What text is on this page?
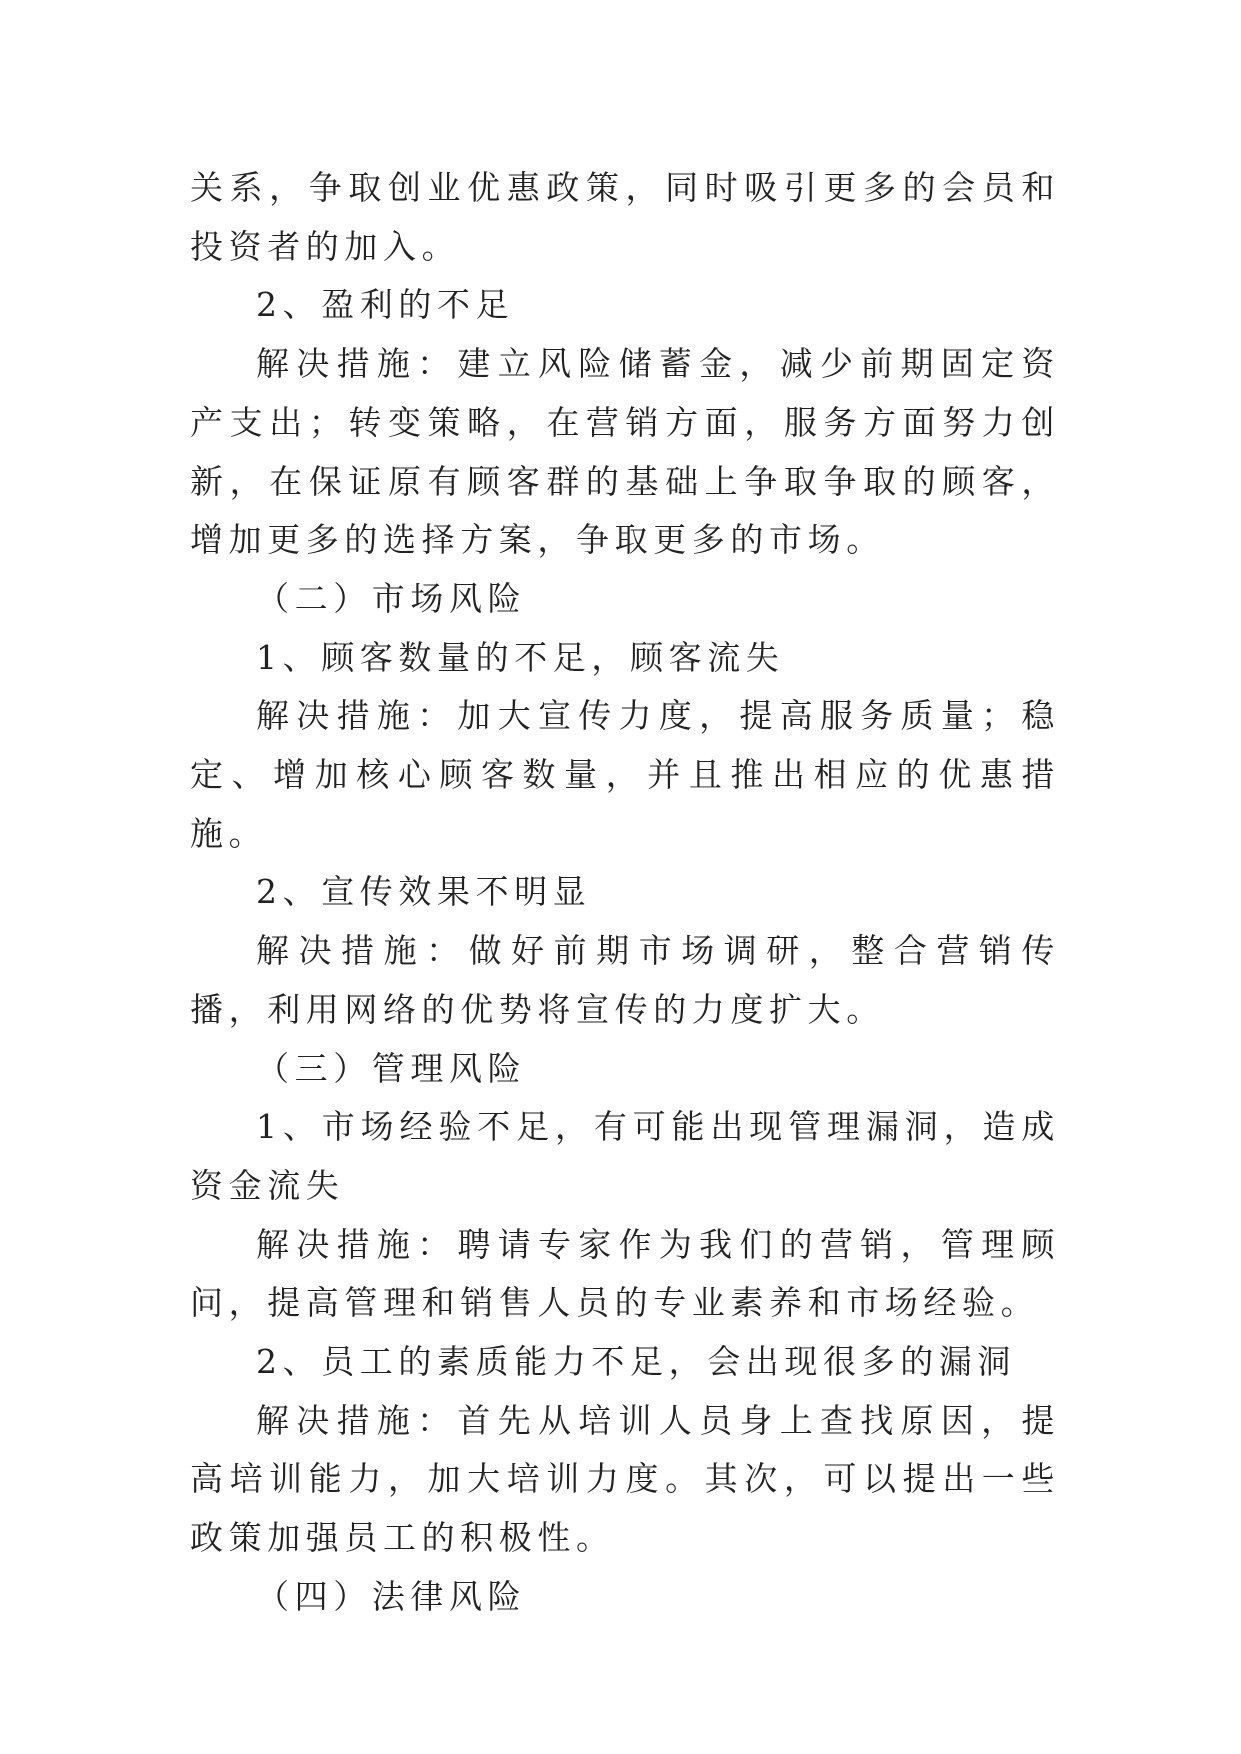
关系，争取创业优惠政策，同时吸引更多的会员和投资者的加入。

2、盈利的不足

解决措施：建立风险储蓄金，减少前期固定资产支出；转变策略，在营销方面，服务方面努力创新，在保证原有顾客群的基础上争取争取的顾客，增加更多的选择方案，争取更多的市场。

（二）市场风险

1、顾客数量的不足，顾客流失

解决措施：加大宣传力度，提高服务质量；稳定、增加核心顾客数量，并且推出相应的优惠措施。

2、宣传效果不明显

解决措施：做好前期市场调研，整合营销传播，利用网络的优势将宣传的力度扩大。

（三）管理风险

1、市场经验不足，有可能出现管理漏洞，造成资金流失

解决措施：聘请专家作为我们的营销，管理顾问，提高管理和销售人员的专业素养和市场经验。

2、员工的素质能力不足，会出现很多的漏洞

解决措施：首先从培训人员身上查找原因，提高培训能力，加大培训力度。其次，可以提出一些政策加强员工的积极性。

（四）法律风险
